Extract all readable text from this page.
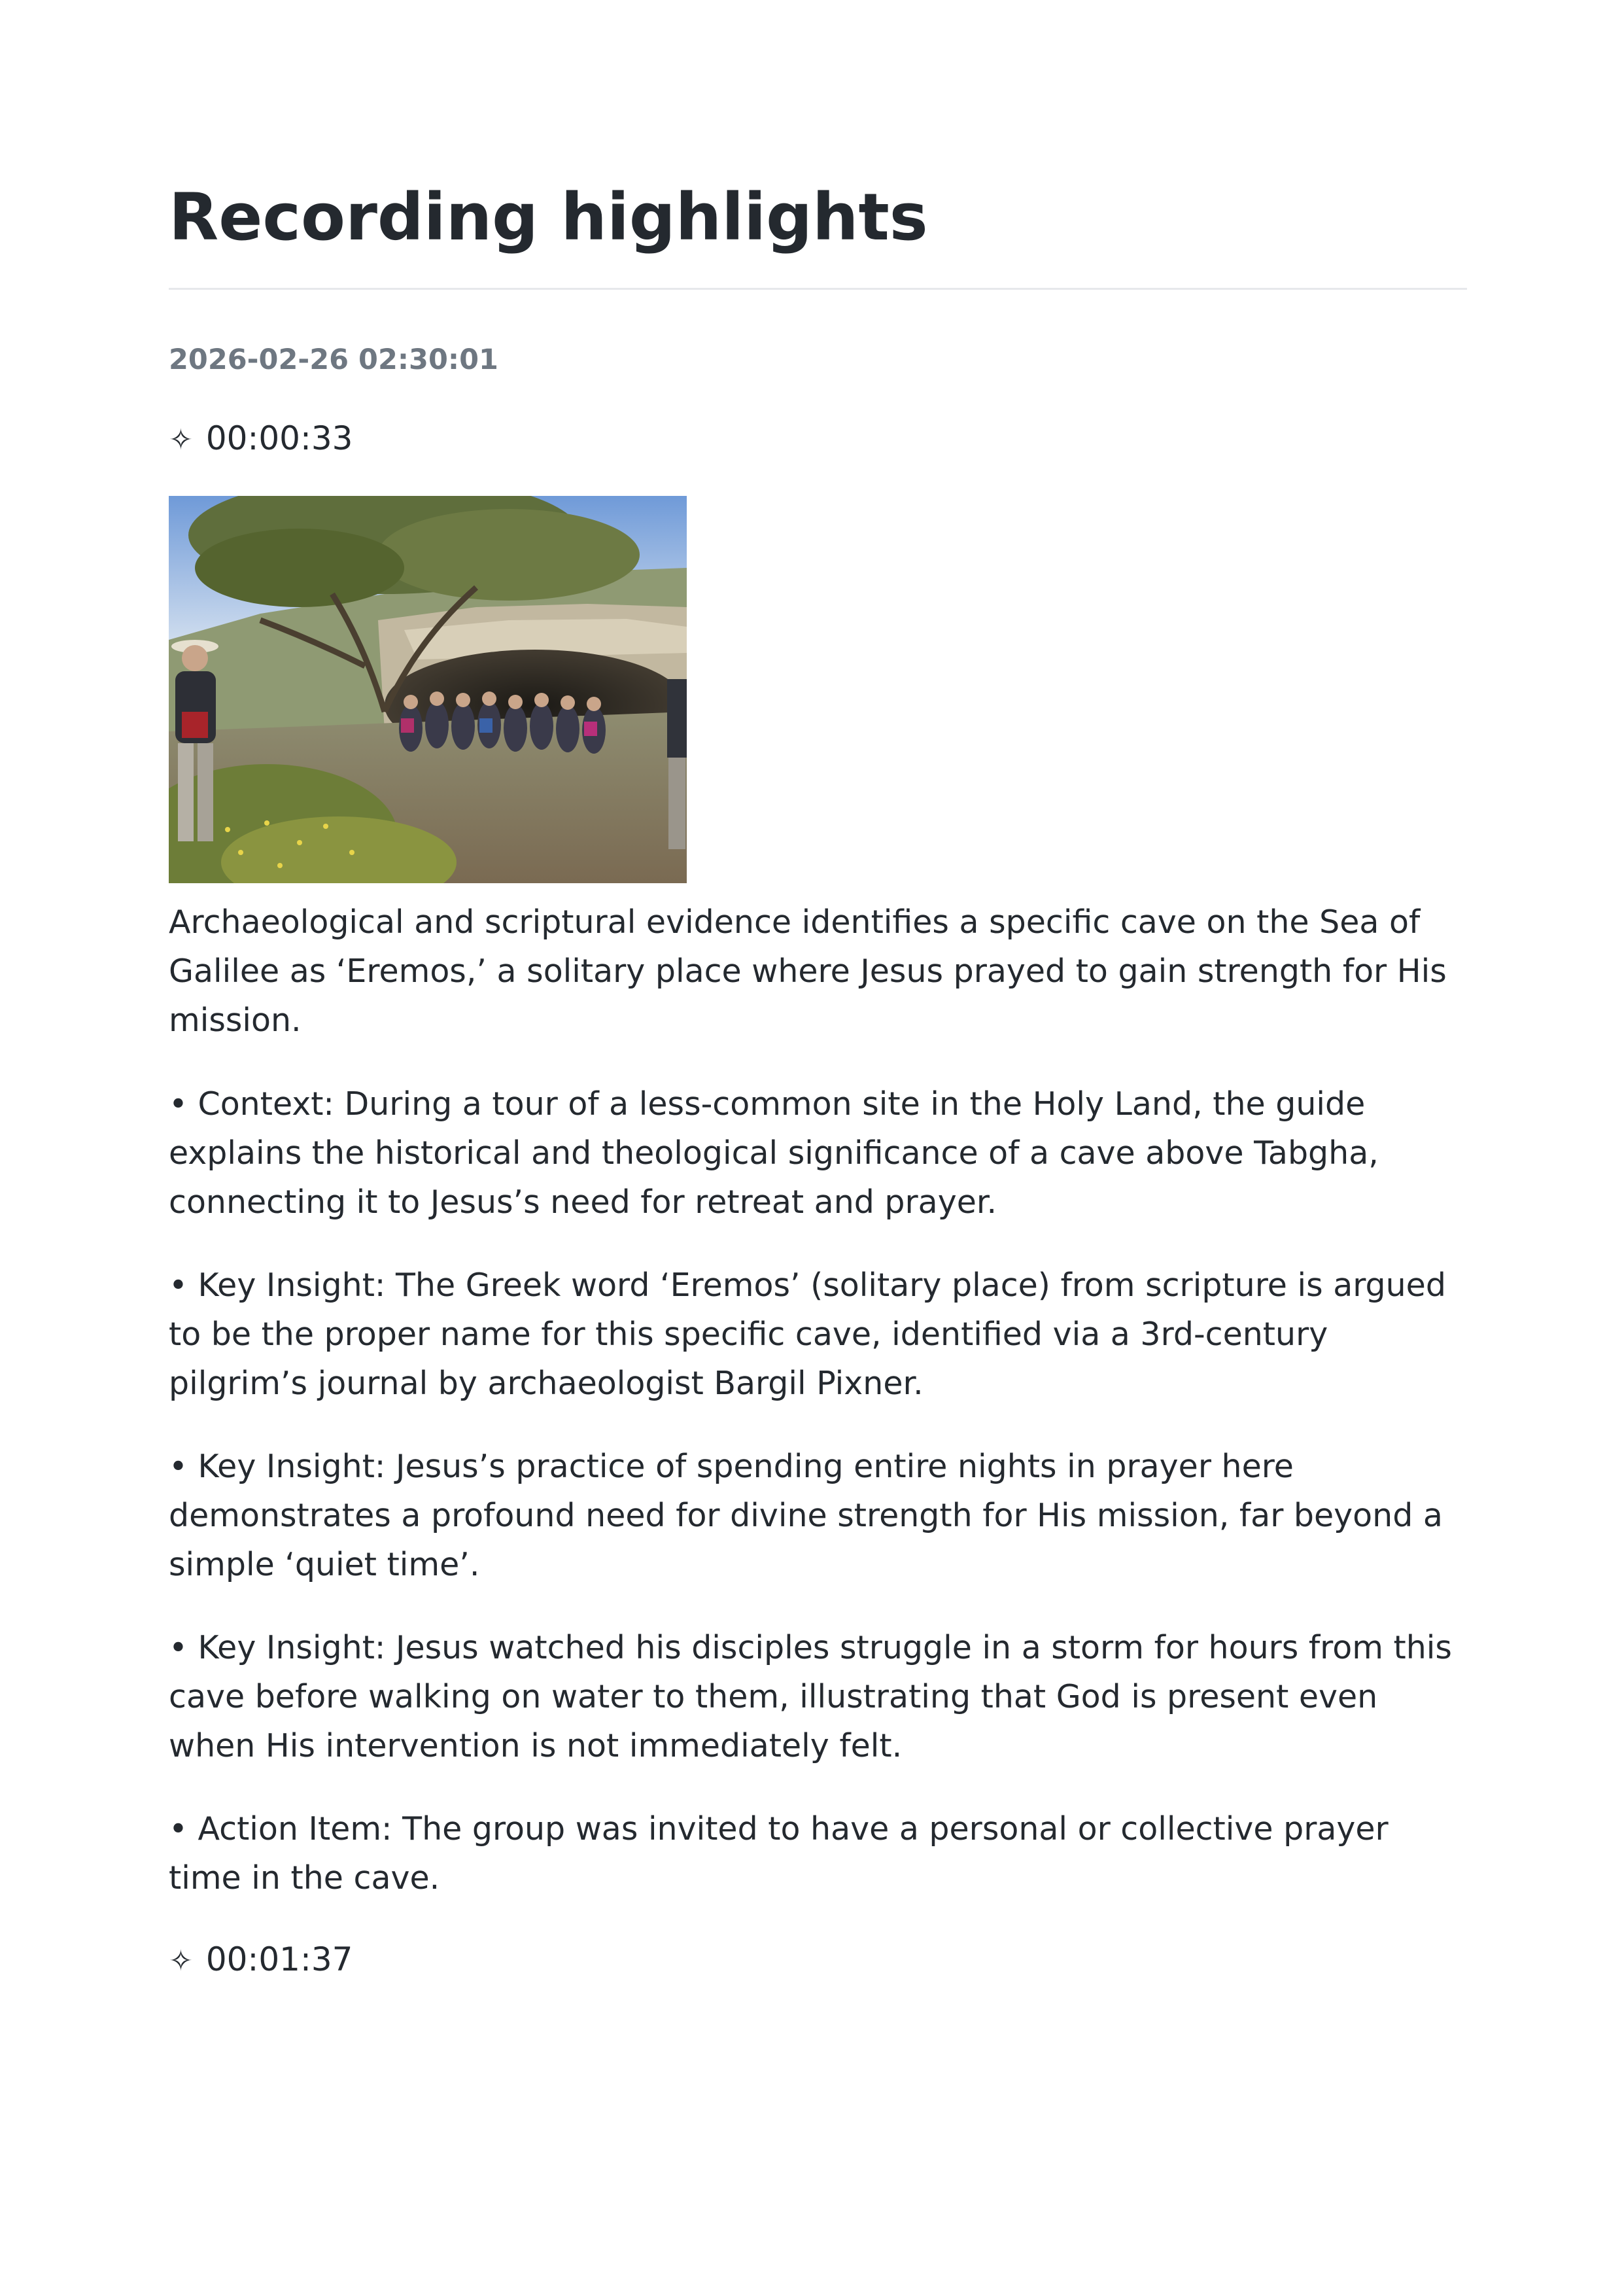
Recording highlights
2026-02-26 02:30:01
✧ 00:00:33

Archaeological and scriptural evidence identifies a specific cave on the Sea of Galilee as ‘Eremos,’ a solitary place where Jesus prayed to gain strength for His mission.

• Context: During a tour of a less-common site in the Holy Land, the guide explains the historical and theological significance of a cave above Tabgha, connecting it to Jesus’s need for retreat and prayer.

• Key Insight: The Greek word ‘Eremos’ (solitary place) from scripture is argued to be the proper name for this specific cave, identified via a 3rd-century pilgrim’s journal by archaeologist Bargil Pixner.

• Key Insight: Jesus’s practice of spending entire nights in prayer here demonstrates a profound need for divine strength for His mission, far beyond a simple ‘quiet time’.

• Key Insight: Jesus watched his disciples struggle in a storm for hours from this cave before walking on water to them, illustrating that God is present even when His intervention is not immediately felt.

• Action Item: The group was invited to have a personal or collective prayer time in the cave.

✧ 00:01:37
